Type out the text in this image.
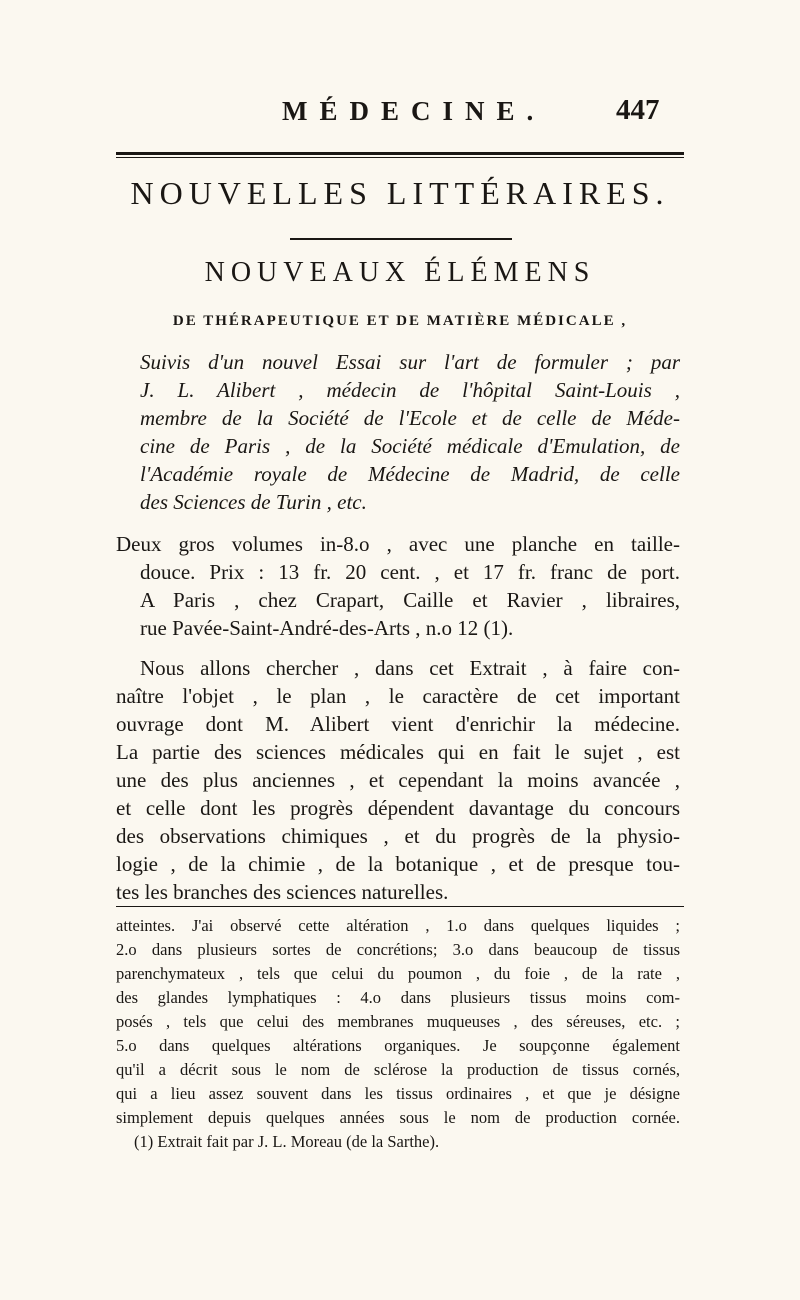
MÉDECINE. 447
NOUVELLES LITTÉRAIRES.
NOUVEAUX ÉLÉMENS
DE THÉRAPEUTIQUE ET DE MATIÈRE MÉDICALE ,
Suivis d'un nouvel Essai sur l'art de formuler ; par
J. L. Alibert , médecin de l'hôpital Saint-Louis ,
membre de la Société de l'Ecole et de celle de Méde-
cine de Paris , de la Société médicale d'Emulation, de
l'Académie royale de Médecine de Madrid, de celle
des Sciences de Turin , etc.
Deux gros volumes in-8.o , avec une planche en taille-
douce. Prix : 13 fr. 20 cent. , et 17 fr. franc de port.
A Paris , chez Crapart, Caille et Ravier , libraires,
rue Pavée-Saint-André-des-Arts , n.o 12 (1).
Nous allons chercher , dans cet Extrait , à faire con-
naître l'objet , le plan , le caractère de cet important
ouvrage dont M. Alibert vient d'enrichir la médecine.
La partie des sciences médicales qui en fait le sujet , est
une des plus anciennes , et cependant la moins avancée ,
et celle dont les progrès dépendent davantage du concours
des observations chimiques , et du progrès de la physio-
logie , de la chimie , de la botanique , et de presque tou-
tes les branches des sciences naturelles.
atteintes. J'ai observé cette altération , 1.o dans quelques liquides ;
2.o dans plusieurs sortes de concrétions; 3.o dans beaucoup de tissus
parenchymateux , tels que celui du poumon , du foie , de la rate ,
des glandes lymphatiques : 4.o dans plusieurs tissus moins com-
posés , tels que celui des membranes muqueuses , des séreuses, etc. ;
5.o dans quelques altérations organiques. Je soupçonne également
qu'il a décrit sous le nom de sclérose la production de tissus cornés,
qui a lieu assez souvent dans les tissus ordinaires , et que je désigne
simplement depuis quelques années sous le nom de production cornée.
(1) Extrait fait par J. L. Moreau (de la Sarthe).
